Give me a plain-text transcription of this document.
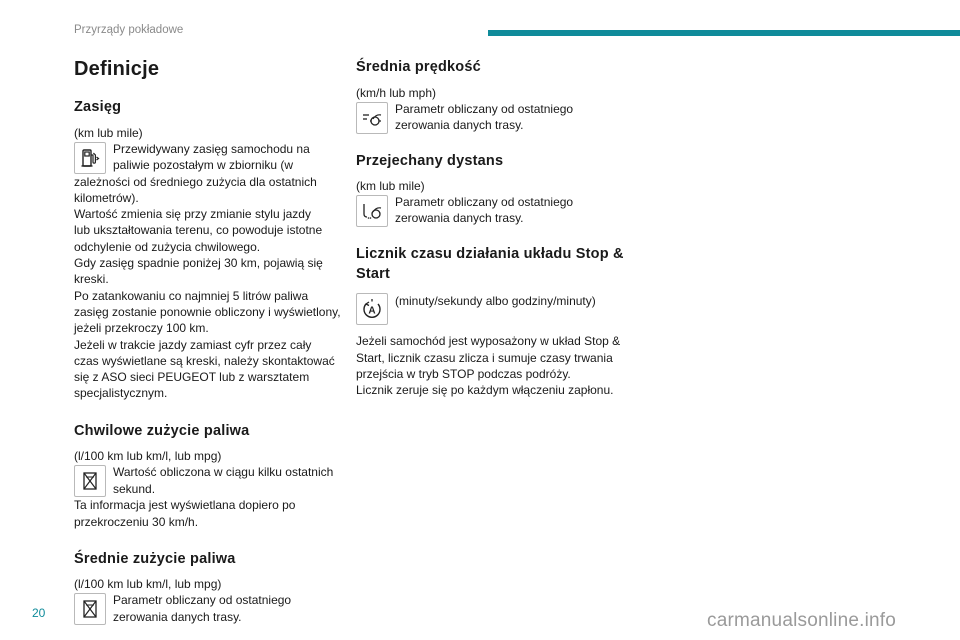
Przyrządy pokładowe
Definicje
Zasięg
(km lub mile)

Przewidywany zasięg samochodu na

paliwie pozostałym w zbiorniku (w

zależności od średniego zużycia dla ostatnich

kilometrów).

Wartość zmienia się przy zmianie stylu jazdy

lub ukształtowania terenu, co powoduje istotne

odchylenie od zużycia chwilowego.

Gdy zasięg spadnie poniżej 30 km, pojawią się

kreski.

Po zatankowaniu co najmniej 5 litrów paliwa

zasięg zostanie ponownie obliczony i wyświetlony,

jeżeli przekroczy 100 km.

Jeżeli w trakcie jazdy zamiast cyfr przez cały

czas wyświetlane są kreski, należy skontaktować

się z ASO sieci PEUGEOT lub z warsztatem

specjalistycznym.

Chwilowe zużycie paliwa
(l/100 km lub km/l, lub mpg)

Wartość obliczona w ciągu kilku ostatnich

sekund.

Ta informacja jest wyświetlana dopiero po

przekroczeniu 30 km/h.

Średnie zużycie paliwa
(l/100 km lub km/l, lub mpg)

Parametr obliczany od ostatniego

zerowania danych trasy.

Średnia prędkość
(km/h lub mph)

Parametr obliczany od ostatniego

zerowania danych trasy.

Przejechany dystans
(km lub mile)

Parametr obliczany od ostatniego

zerowania danych trasy.

Licznik czasu działania układu Stop &
Start
A

(minuty/sekundy albo godziny/minuty)

Jeżeli samochód jest wyposażony w układ Stop &

Start, licznik czasu zlicza i sumuje czasy trwania

przejścia w tryb STOP podczas podróży.

Licznik zeruje się po każdym włączeniu zapłonu.

20	carmanualsonline.info
